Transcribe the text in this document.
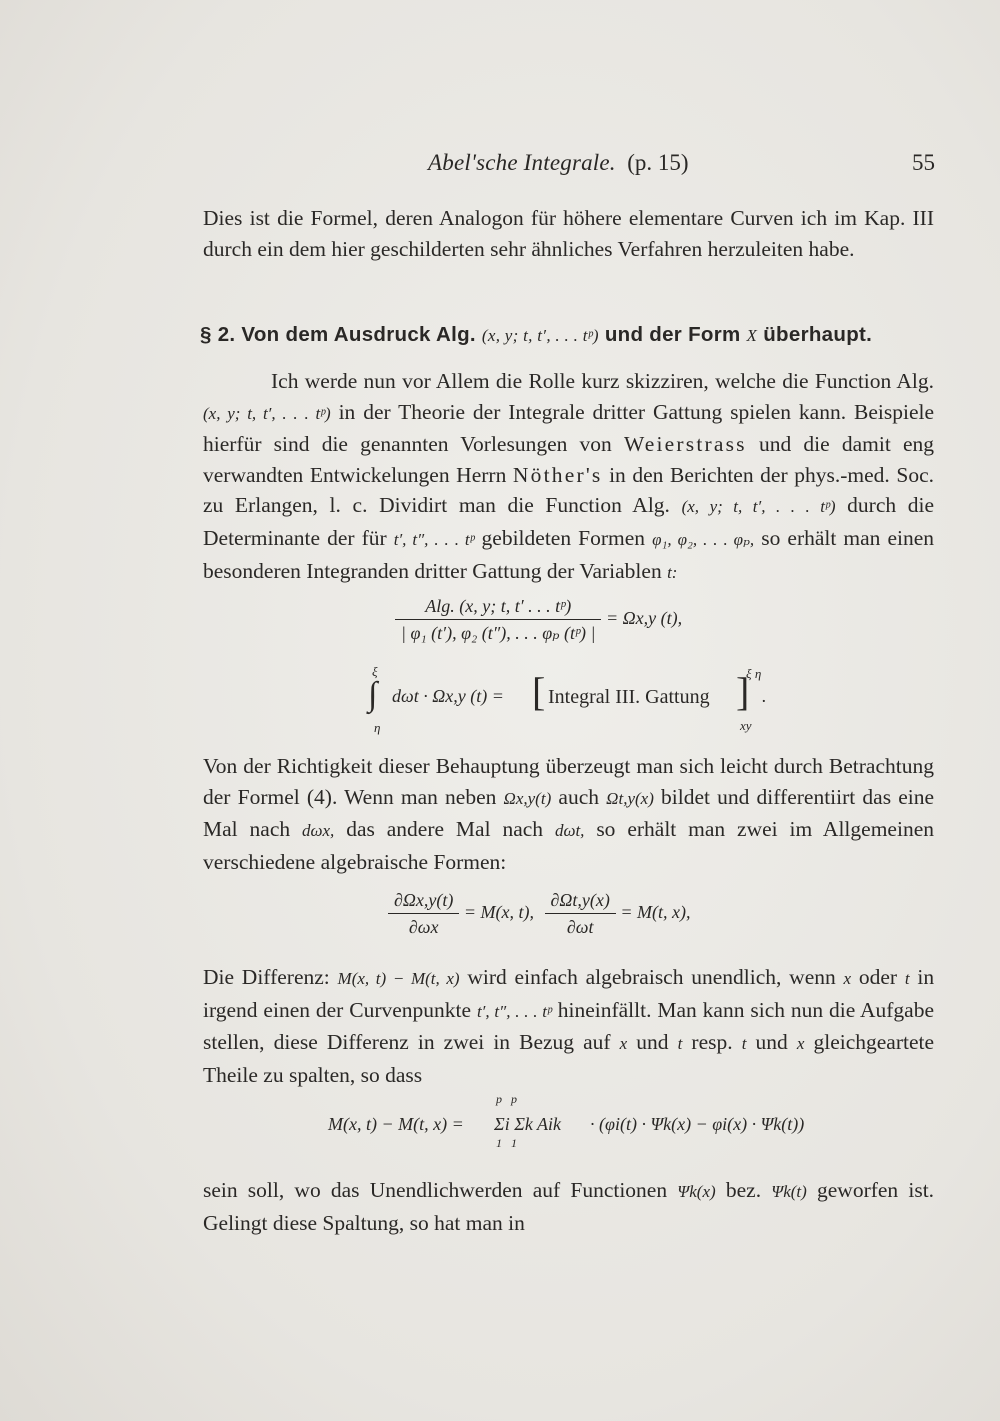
Abel'sche Integrale. (p. 15)	55
Dies ist die Formel, deren Analogon für höhere elementare Curven ich im Kap. III durch ein dem hier geschilderten sehr ähnliches Verfahren herzuleiten habe.
§ 2. Von dem Ausdruck Alg. (x, y; t, t′, . . . tᵖ) und der Form X überhaupt.
Ich werde nun vor Allem die Rolle kurz skizziren, welche die Function Alg. (x, y; t, t′, . . . tᵖ) in der Theorie der Integrale dritter Gattung spielen kann. Beispiele hierfür sind die genannten Vorlesungen von Weierstrass und die damit eng verwandten Entwickelungen Herrn Nöther's in den Berichten der phys.-med. Soc. zu Erlangen, l. c. Dividirt man die Function Alg. (x, y; t, t′, . . . tᵖ) durch die Determinante der für t′, t″, . . . tᵖ gebildeten Formen φ₁, φ₂, . . . φₚ, so erhält man einen besonderen Integranden dritter Gattung der Variablen t:
$\frac{\text{Alg. (x, y; t, t′ . . . tᵖ)}}{\text{| φ₁ (t′), φ₂ (t″), . . . φₚ (tᵖ) |}} = \Omega x,y$ (t),
ξ
∫
η
dωt · Ωx,y (t) = [ Integral III. Gattung ]
ξ η
xy
.
Von der Richtigkeit dieser Behauptung überzeugt man sich leicht durch Betrachtung der Formel (4). Wenn man neben Ωx,y(t) auch Ωt,y(x) bildet und differentiirt das eine Mal nach dωx, das andere Mal nach dωt, so erhält man zwei im Allgemeinen verschiedene algebraische Formen:
$\frac{\partial\Omega x,y(t)}{\partial\omega x} = M(x$, t), $\frac{\partial\Omega t,y(x)}{\partial\omega t} = M(t$, x),
Die Differenz: M(x, t) − M(t, x) wird einfach algebraisch unendlich, wenn x oder t in irgend einen der Curvenpunkte t′, t″, . . . tᵖ hineinfällt. Man kann sich nun die Aufgabe stellen, diese Differenz in zwei in Bezug auf x und t resp. t und x gleichgeartete Theile zu spalten, so dass
M(x, t) − M(t, x) =
p p
Σi Σk Aik
1 1
· (φi(t) · Ψk(x) − φi(x) · Ψk(t))
sein soll, wo das Unendlichwerden auf Functionen Ψk(x) bez. Ψk(t) geworfen ist. Gelingt diese Spaltung, so hat man in
